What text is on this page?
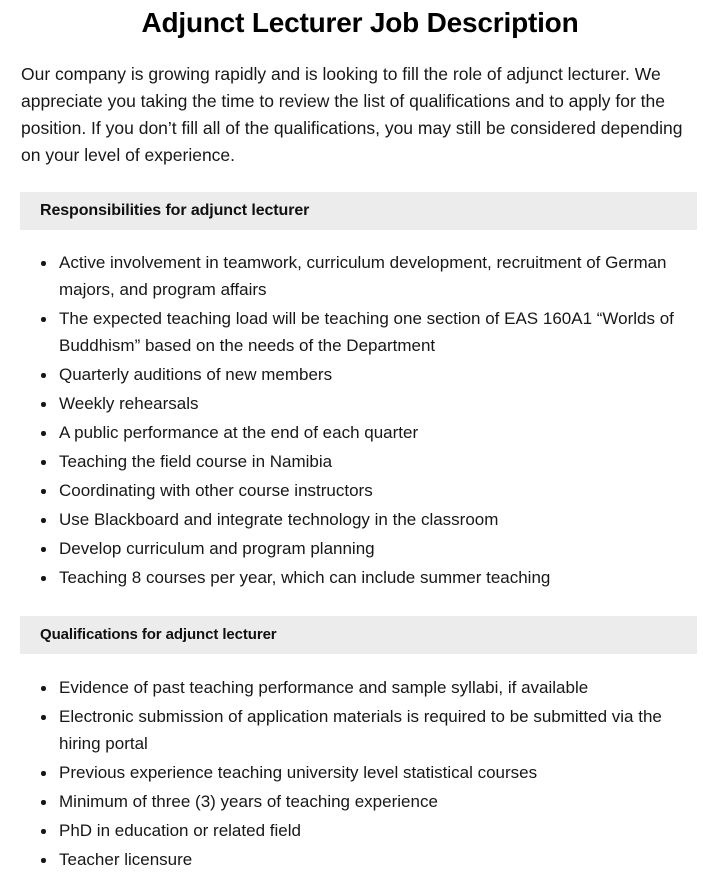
Adjunct Lecturer Job Description

Our company is growing rapidly and is looking to fill the role of adjunct lecturer. We appreciate you taking the time to review the list of qualifications and to apply for the position. If you don’t fill all of the qualifications, you may still be considered depending on your level of experience.

Responsibilities for adjunct lecturer
Active involvement in teamwork, curriculum development, recruitment of German majors, and program affairs
The expected teaching load will be teaching one section of EAS 160A1 “Worlds of Buddhism” based on the needs of the Department
Quarterly auditions of new members
Weekly rehearsals
A public performance at the end of each quarter
Teaching the field course in Namibia
Coordinating with other course instructors
Use Blackboard and integrate technology in the classroom
Develop curriculum and program planning
Teaching 8 courses per year, which can include summer teaching
Qualifications for adjunct lecturer
Evidence of past teaching performance and sample syllabi, if available
Electronic submission of application materials is required to be submitted via the hiring portal
Previous experience teaching university level statistical courses
Minimum of three (3) years of teaching experience
PhD in education or related field
Teacher licensure
